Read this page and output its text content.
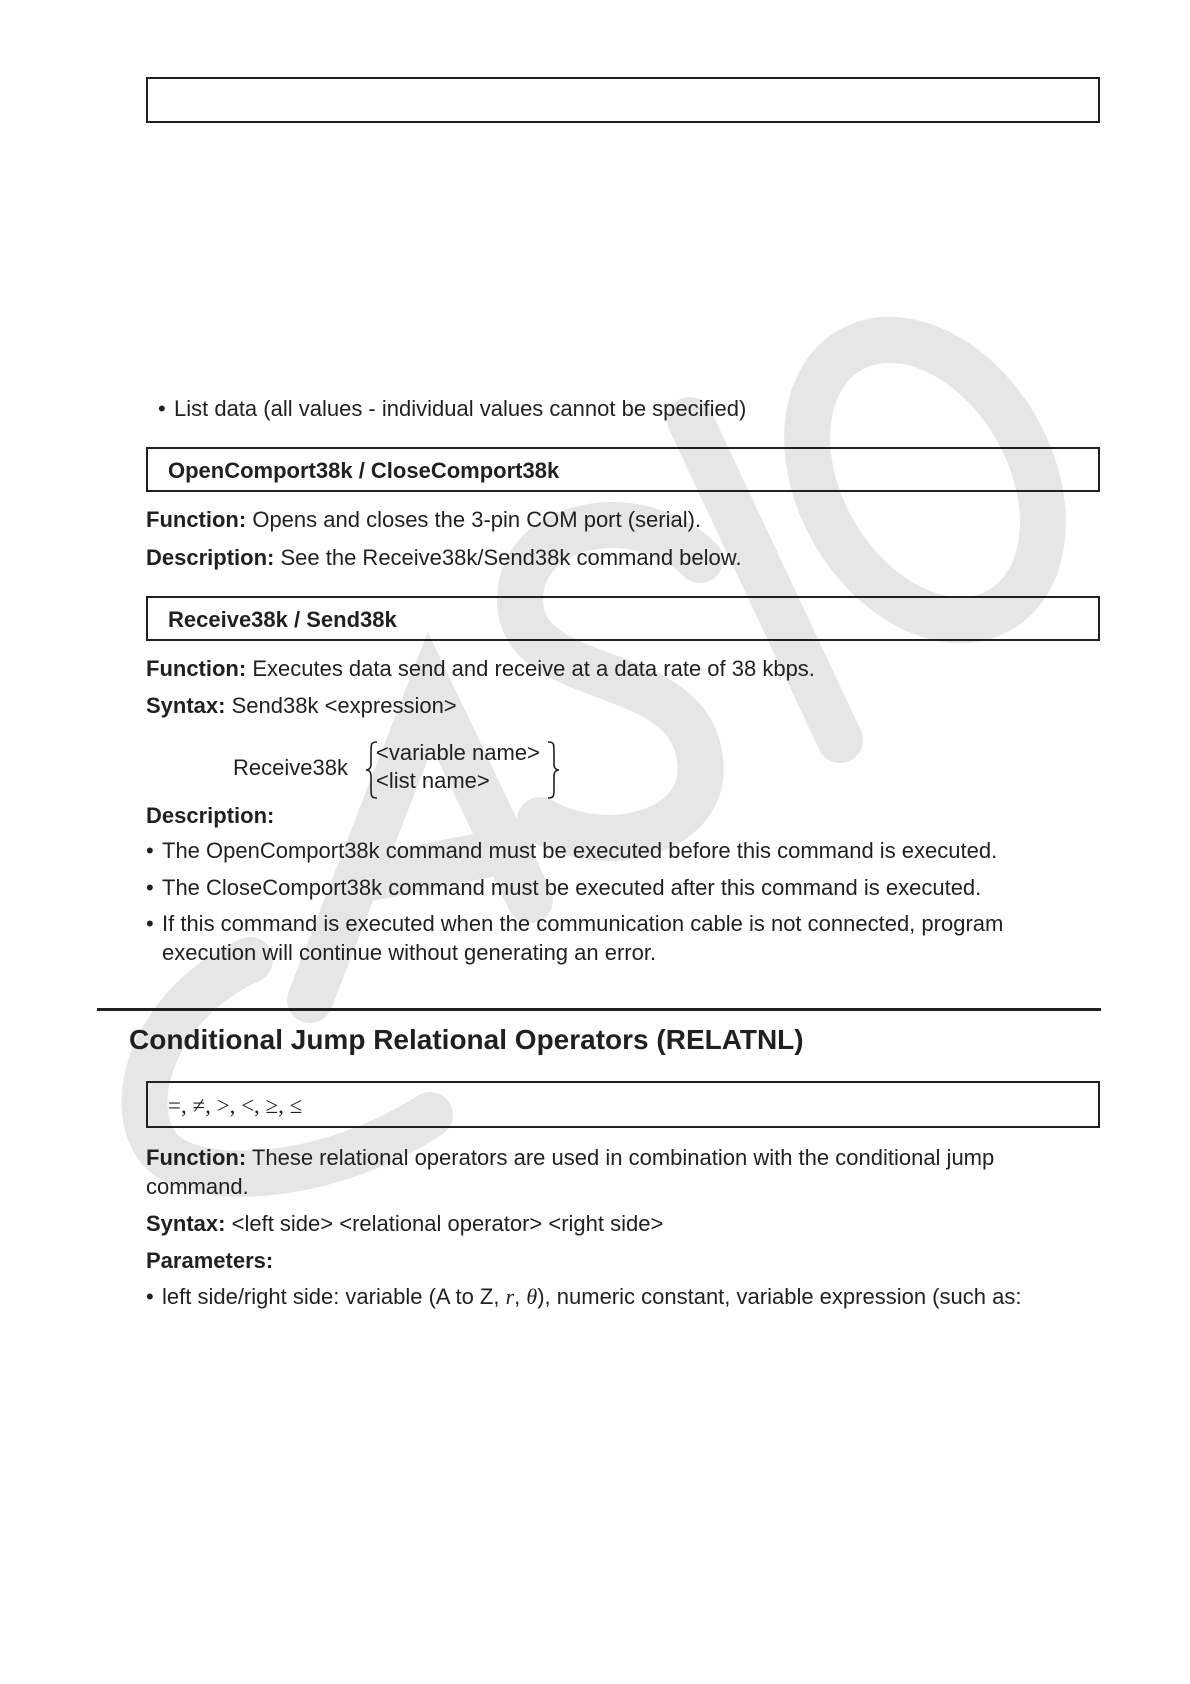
• List data (all values - individual values cannot be specified)
OpenComport38k / CloseComport38k
Function: Opens and closes the 3-pin COM port (serial).
Description: See the Receive38k/Send38k command below.
Receive38k / Send38k
Function: Executes data send and receive at a data rate of 38 kbps.
Syntax: Send38k <expression>
Receive38k
<variable name>
<list name>
Description:
• The OpenComport38k command must be executed before this command is executed.
• The CloseComport38k command must be executed after this command is executed.
• If this command is executed when the communication cable is not connected, program execution will continue without generating an error.
Conditional Jump Relational Operators (RELATNL)
=, ≠, >, <, ≥, ≤
Function: These relational operators are used in combination with the conditional jump command.
Syntax: <left side> <relational operator> <right side>
Parameters:
• left side/right side: variable (A to Z, r, θ), numeric constant, variable expression (such as:
